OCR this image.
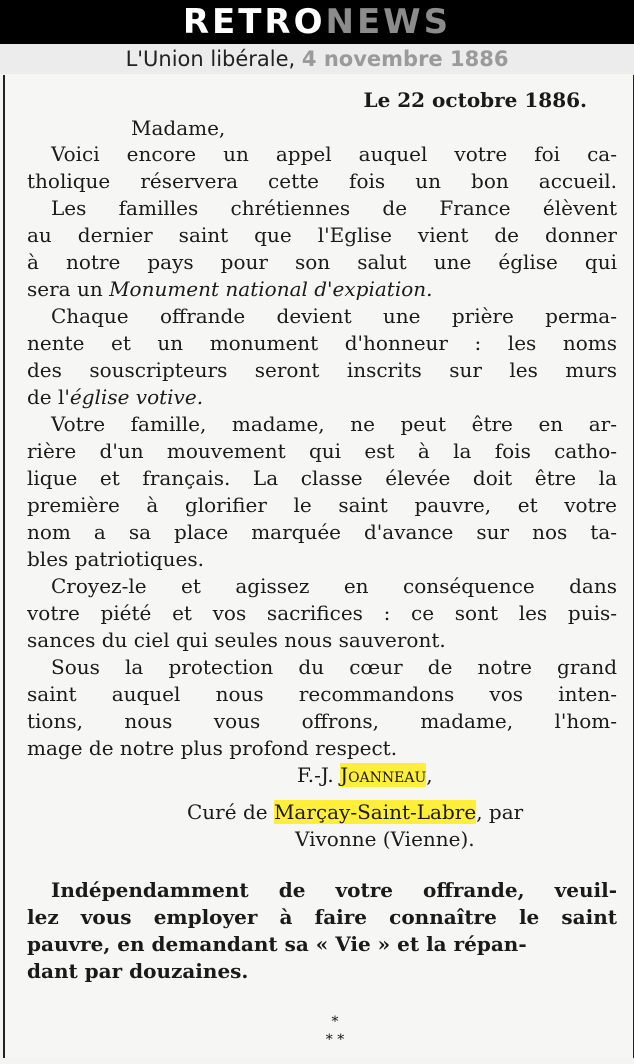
RETRONEWS
L'Union libérale, 4 novembre 1886
Le 22 octobre 1886.
Madame,
Voici encore un appel auquel votre foi ca-
tholique réservera cette fois un bon accueil.
Les familles chrétiennes de France élèvent
au dernier saint que l'Eglise vient de donner
à notre pays pour son salut une église qui
sera un Monument national d'expiation.
Chaque offrande devient une prière perma-
nente et un monument d'honneur : les noms
des souscripteurs seront inscrits sur les murs
de l'église votive.
Votre famille, madame, ne peut être en ar-
rière d'un mouvement qui est à la fois catho-
lique et français. La classe élevée doit être la
première à glorifier le saint pauvre, et votre
nom a sa place marquée d'avance sur nos ta-
bles patriotiques.
Croyez-le et agissez en conséquence dans
votre piété et vos sacrifices : ce sont les puis-
sances du ciel qui seules nous sauveront.
Sous la protection du cœur de notre grand
saint auquel nous recommandons vos inten-
tions, nous vous offrons, madame, l'hom-
mage de notre plus profond respect.
F.-J. Joanneau,
Curé de Marçay-Saint-Labre, par
Vivonne (Vienne).
Indépendamment de votre offrande, veuil-
lez vous employer à faire connaître le saint
pauvre, en demandant sa « Vie » et la répan-
dant par douzaines.
*
* *
